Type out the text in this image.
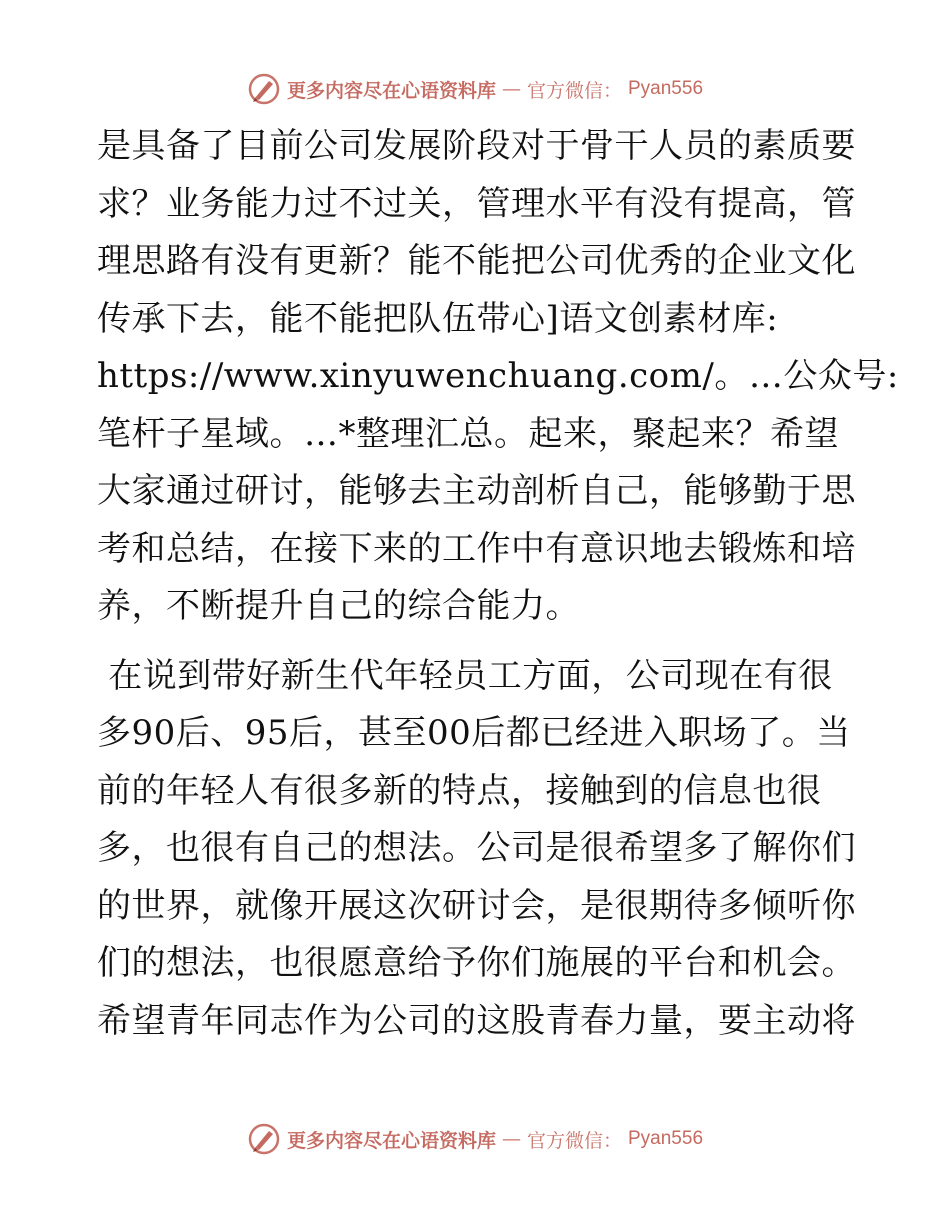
更多内容尽在心语资料库 — 官方微信： Pyan556

是具备了目前公司发展阶段对于骨干人员的素质要
求？业务能力过不过关，管理水平有没有提高，管
理思路有没有更新？能不能把公司优秀的企业文化
传承下去，能不能把队伍带心]语文创素材库:
https://www.xinyuwenchuang.com/。…公众号:
笔杆子星域。…*整理汇总。起来，聚起来？希望
大家通过研讨，能够去主动剖析自己，能够勤于思
考和总结，在接下来的工作中有意识地去锻炼和培
养，不断提升自己的综合能力。

在说到带好新生代年轻员工方面，公司现在有很
多90后、95后，甚至00后都已经进入职场了。当
前的年轻人有很多新的特点，接触到的信息也很
多，也很有自己的想法。公司是很希望多了解你们
的世界，就像开展这次研讨会，是很期待多倾听你
们的想法，也很愿意给予你们施展的平台和机会。
希望青年同志作为公司的这股青春力量，要主动将

更多内容尽在心语资料库 — 官方微信： Pyan556
